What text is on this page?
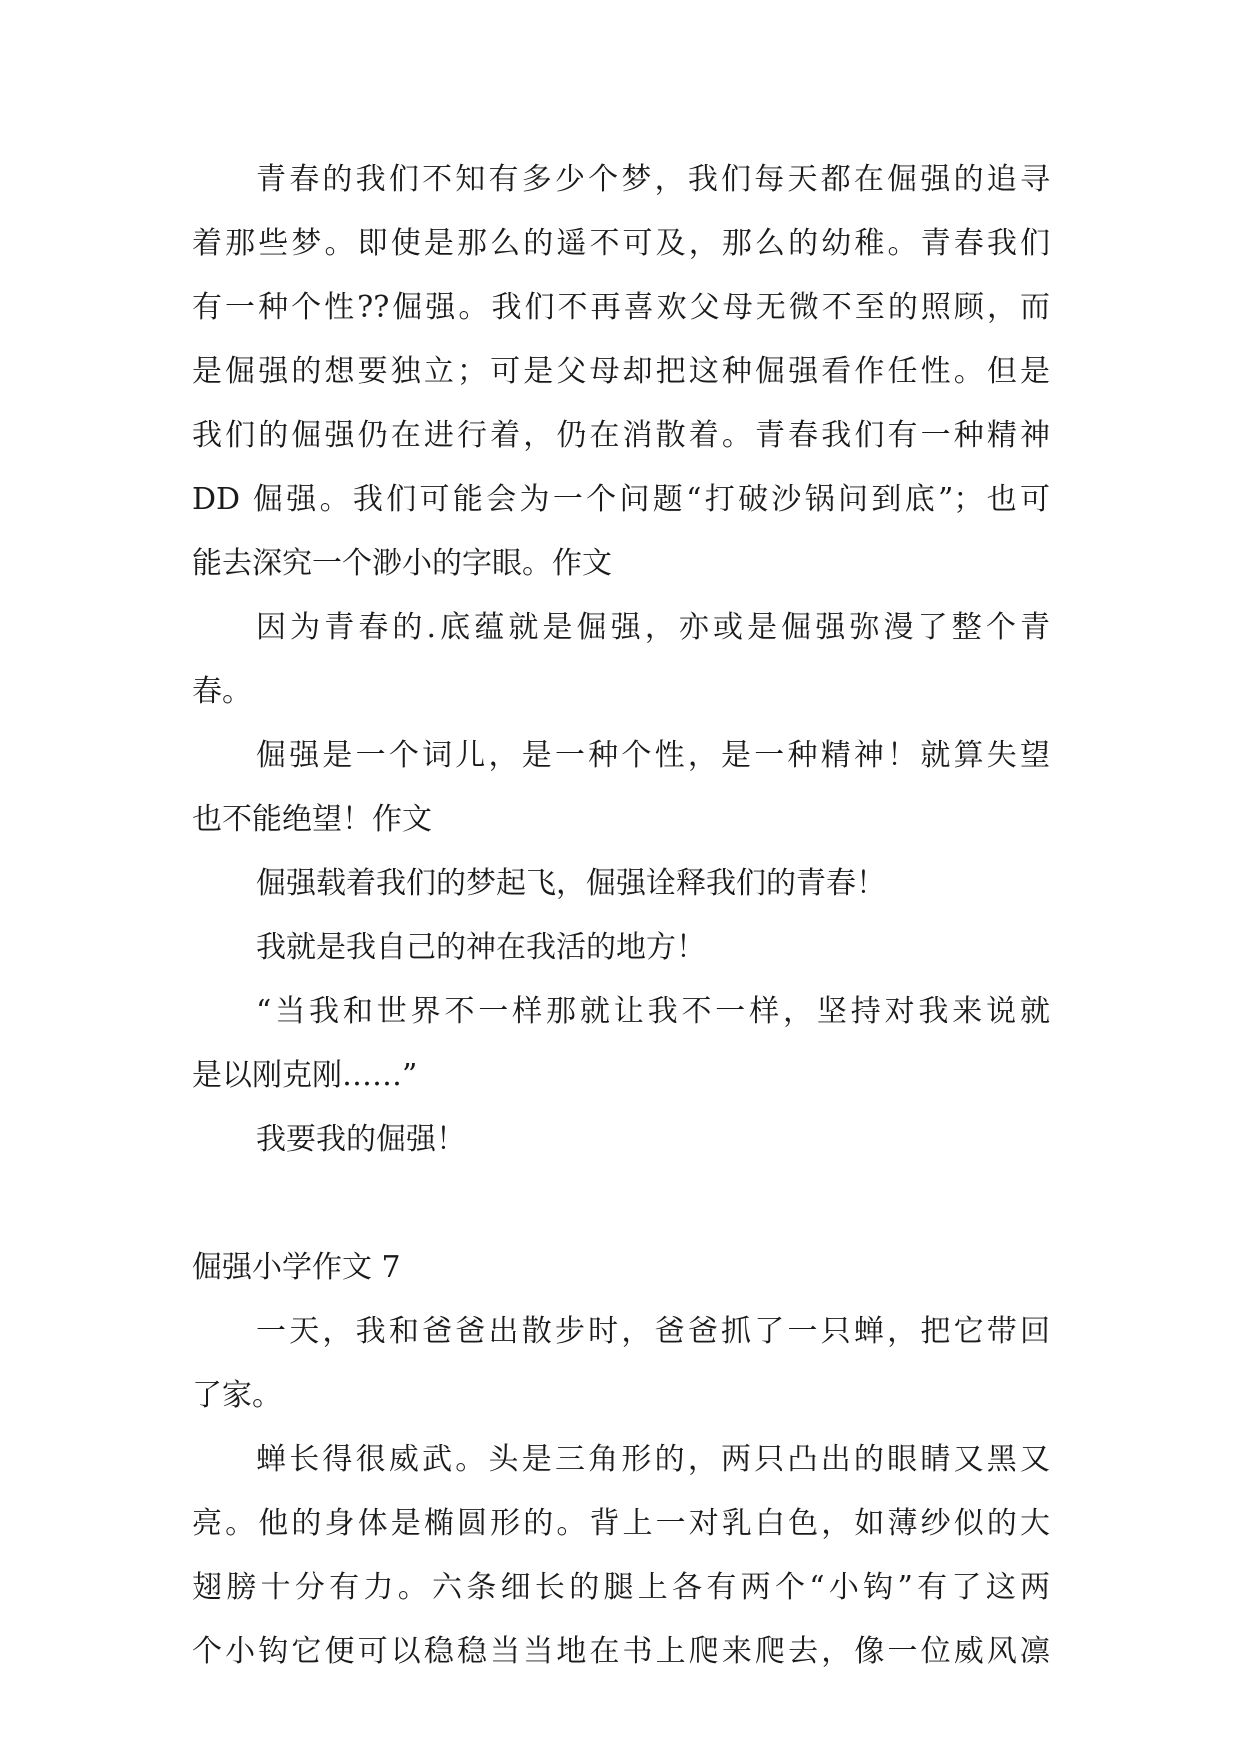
青春的我们不知有多少个梦，我们每天都在倔强的追寻
着那些梦。即使是那么的遥不可及，那么的幼稚。青春我们
有一种个性??倔强。我们不再喜欢父母无微不至的照顾，而
是倔强的想要独立；可是父母却把这种倔强看作任性。但是
我们的倔强仍在进行着，仍在消散着。青春我们有一种精神
DD 倔强。我们可能会为一个问题“打破沙锅问到底”；也可
能去深究一个渺小的字眼。作文
因为青春的.底蕴就是倔强，亦或是倔强弥漫了整个青
春。
倔强是一个词儿，是一种个性，是一种精神！就算失望
也不能绝望！作文
倔强载着我们的梦起飞，倔强诠释我们的青春！
我就是我自己的神在我活的地方！
“当我和世界不一样那就让我不一样，坚持对我来说就
是以刚克刚……”
我要我的倔强！
倔强小学作文 7
一天，我和爸爸出散步时，爸爸抓了一只蝉，把它带回
了家。
蝉长得很威武。头是三角形的，两只凸出的眼睛又黑又
亮。他的身体是椭圆形的。背上一对乳白色，如薄纱似的大
翅膀十分有力。六条细长的腿上各有两个“小钩”有了这两
个小钩它便可以稳稳当当地在书上爬来爬去，像一位威风凛
